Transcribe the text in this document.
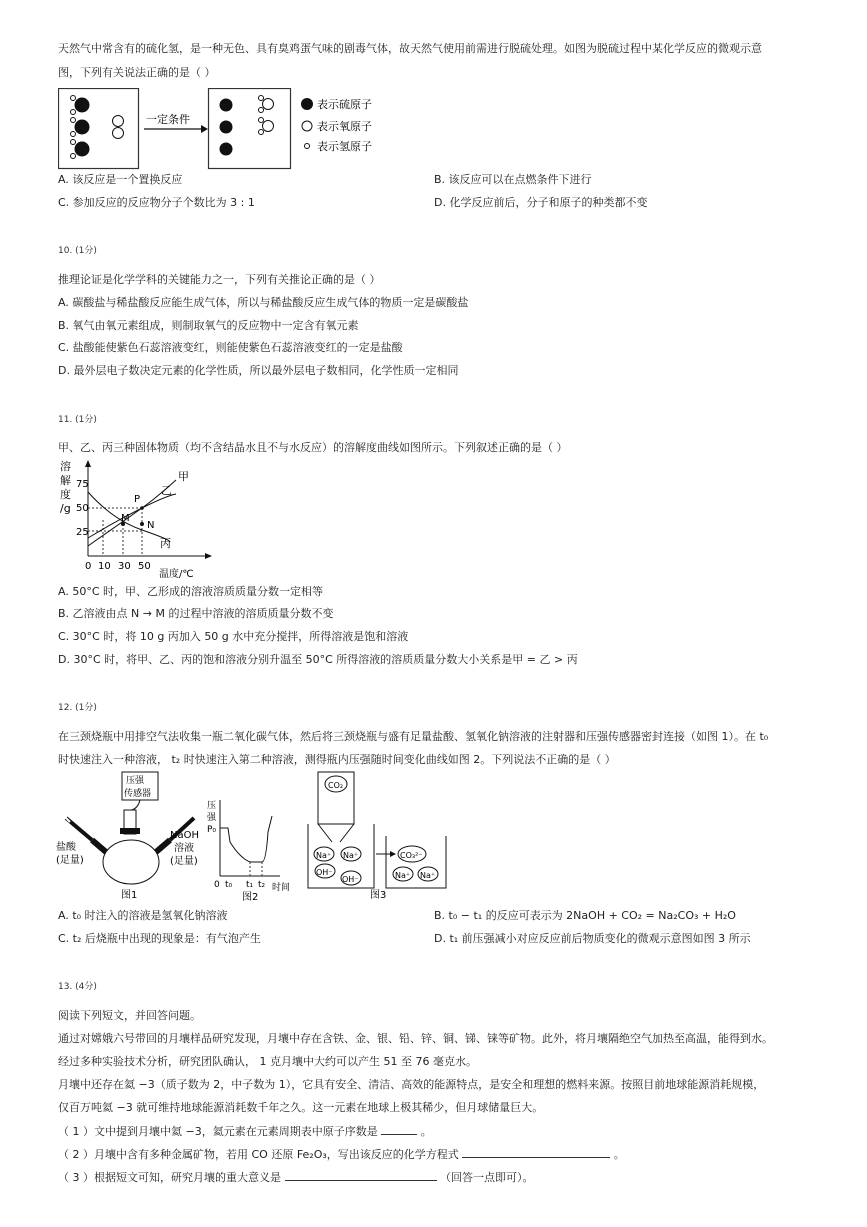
天然气中常含有的硫化氢，是一种无色、具有臭鸡蛋气味的剧毒气体，故天然气使用前需进行脱硫处理。如图为脱硫过程中某化学反应的微观示意
图，下列有关说法正确的是（ ）
一定条件
表示硫原子
表示氧原子
表示氢原子
A. 该反应是一个置换反应	B. 该反应可以在点燃条件下进行
C. 参加反应的反应物分子个数比为 3 : 1	D. 化学反应前后，分子和原子的种类都不变
10. (1分)
推理论证是化学学科的关键能力之一，下列有关推论正确的是（ ）
A. 碳酸盐与稀盐酸反应能生成气体，所以与稀盐酸反应生成气体的物质一定是碳酸盐
B. 氧气由氧元素组成，则制取氧气的反应物中一定含有氧元素
C. 盐酸能使紫色石蕊溶液变红，则能使紫色石蕊溶液变红的一定是盐酸
D. 最外层电子数决定元素的化学性质，所以最外层电子数相同，化学性质一定相同
11. (1分)
甲、乙、丙三种固体物质（均不含结晶水且不与水反应）的溶解度曲线如图所示。下列叙述正确的是（ ）
溶
解
度
/g
75
50
25
甲
乙
丙
P
M
N
0 10 30 50
温度/℃
A. 50°C 时，甲、乙形成的溶液溶质质量分数一定相等
B. 乙溶液由点 N → M 的过程中溶液的溶质质量分数不变
C. 30°C 时，将 10 g 丙加入 50 g 水中充分搅拌，所得溶液是饱和溶液
D. 30°C 时，将甲、乙、丙的饱和溶液分别升温至 50°C 所得溶液的溶质质量分数大小关系是甲 = 乙 > 丙
12. (1分)
在三颈烧瓶中用排空气法收集一瓶二氧化碳气体，然后将三颈烧瓶与盛有足量盐酸、氢氧化钠溶液的注射器和压强传感器密封连接（如图 1）。在 t₀
时快速注入一种溶液， t₂ 时快速注入第二种溶液，测得瓶内压强随时间变化曲线如图 2。下列说法不正确的是（ ）
压强
传感器
盐酸
(足量)
NaOH
溶液
(足量)
图1
压
强
P₀
0 t₀ t₁ t₂ 时间
图2
CO₂
Na⁺ Na⁺
OH⁻
OH⁻
CO₃²⁻
Na⁺ Na⁺
图3
A. t₀ 时注入的溶液是氢氧化钠溶液	B. t₀ − t₁ 的反应可表示为 2NaOH + CO₂ = Na₂CO₃ + H₂O
C. t₂ 后烧瓶中出现的现象是：有气泡产生	D. t₁ 前压强减小对应反应前后物质变化的微观示意图如图 3 所示
13. (4分)
阅读下列短文，并回答问题。
通过对嫦娥六号带回的月壤样品研究发现，月壤中存在含铁、金、银、铅、锌、铜、锑、铼等矿物。此外，将月壤隔绝空气加热至高温，能得到水。
经过多种实验技术分析，研究团队确认， 1 克月壤中大约可以产生 51 至 76 毫克水。
月壤中还存在氦 −3（质子数为 2，中子数为 1），它具有安全、清洁、高效的能源特点，是安全和理想的燃料来源。按照目前地球能源消耗规模，
仅百万吨氦 −3 就可维持地球能源消耗数千年之久。这一元素在地球上极其稀少，但月球储量巨大。
（ 1 ）文中提到月壤中氦 −3，氦元素在元素周期表中原子序数是	。
（ 2 ）月壤中含有多种金属矿物，若用 CO 还原 Fe₂O₃，写出该反应的化学方程式	。
（ 3 ）根据短文可知，研究月壤的重大意义是	（回答一点即可）。
